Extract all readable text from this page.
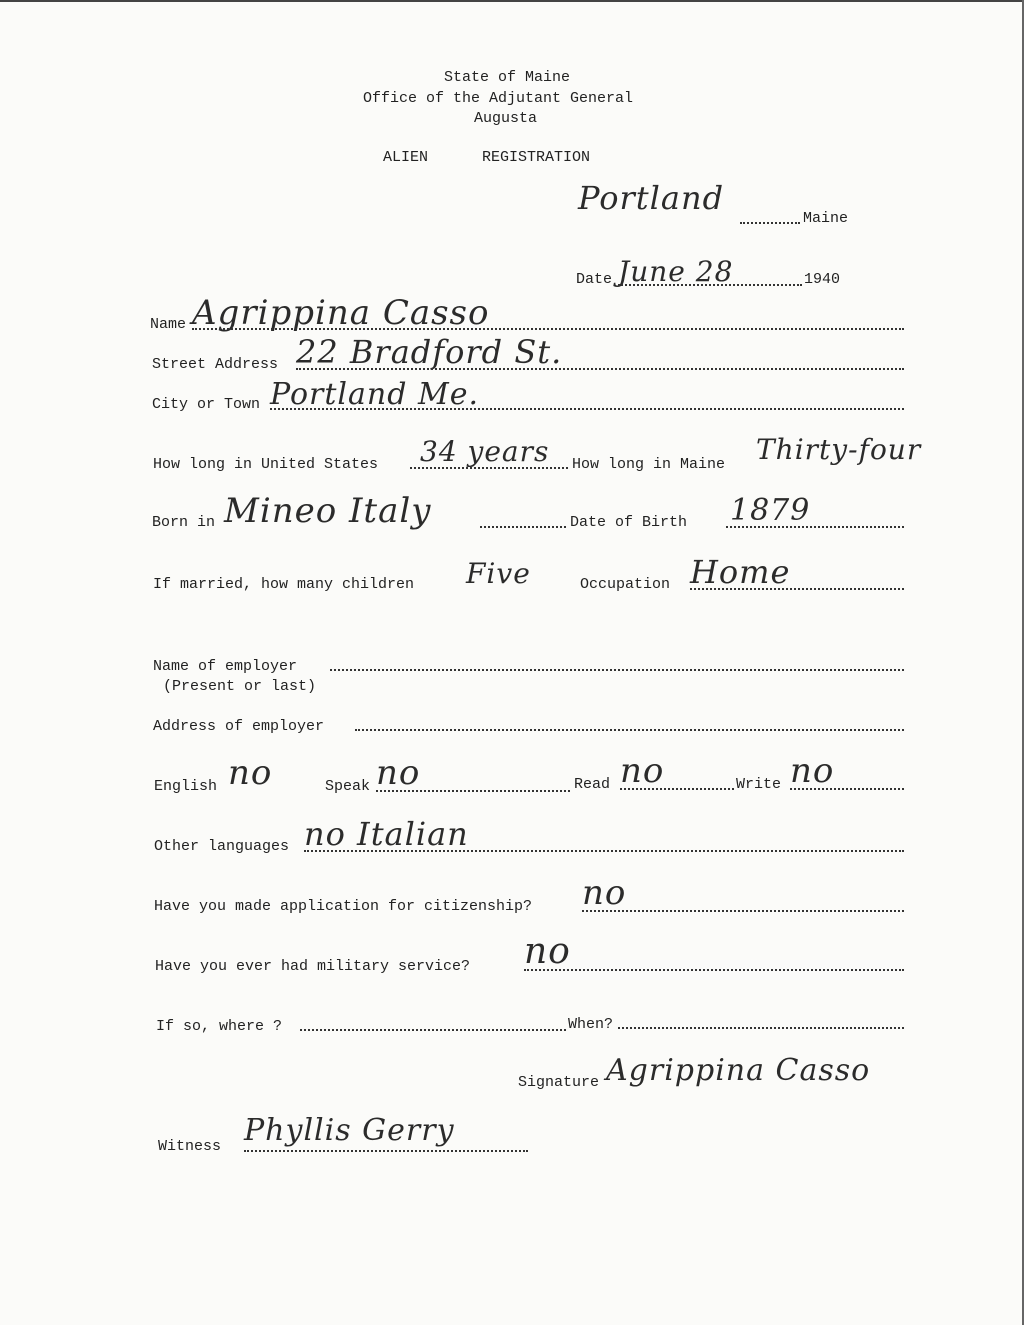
State of Maine
Office of the Adjutant General
Augusta
ALIEN	REGISTRATION
Portland
Maine
Date June 28	1940
Name Agrippina Casso
Street Address 22 Bradford St.
City or Town Portland Me.
How long in United States 34 years How long in Maine Thirty-four
Born in Mineo Italy	Date of Birth 1879
If married, how many children Five	Occupation Home
Name of employer
(Present or last)
Address of employer
English no	Speak no	Read no	Write no
Other languages no Italian
Have you made application for citizenship? no
Have you ever had military service? no
If so, where ?	When?
Signature Agrippina Casso
Witness Phyllis Gerry
